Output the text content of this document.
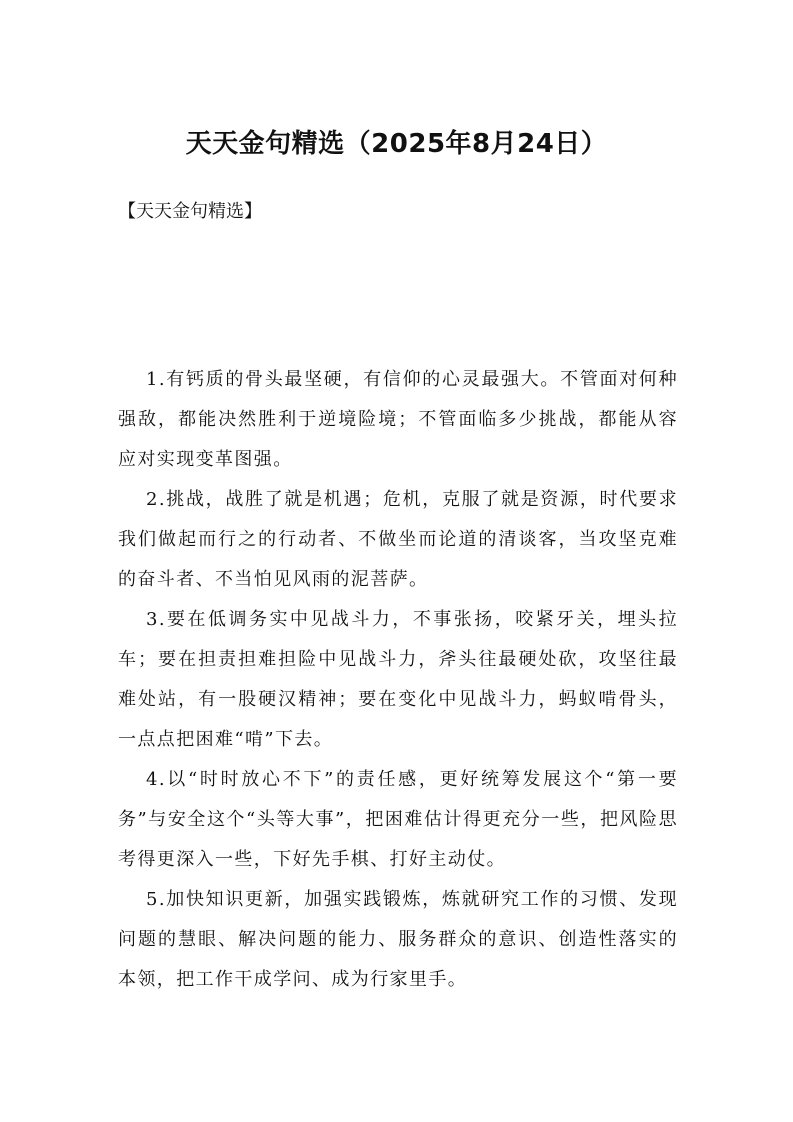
天天金句精选（2025年8月24日）

【天天金句精选】

1.有钙质的骨头最坚硬，有信仰的心灵最强大。不管面对何种强敌，都能决然胜利于逆境险境；不管面临多少挑战，都能从容应对实现变革图强。

2.挑战，战胜了就是机遇；危机，克服了就是资源，时代要求我们做起而行之的行动者、不做坐而论道的清谈客，当攻坚克难的奋斗者、不当怕见风雨的泥菩萨。

3.要在低调务实中见战斗力，不事张扬，咬紧牙关，埋头拉车；要在担责担难担险中见战斗力，斧头往最硬处砍，攻坚往最难处站，有一股硬汉精神；要在变化中见战斗力，蚂蚁啃骨头，一点点把困难“啃”下去。

4.以“时时放心不下”的责任感，更好统筹发展这个“第一要务”与安全这个“头等大事”，把困难估计得更充分一些，把风险思考得更深入一些，下好先手棋、打好主动仗。

5.加快知识更新，加强实践锻炼，炼就研究工作的习惯、发现问题的慧眼、解决问题的能力、服务群众的意识、创造性落实的本领，把工作干成学问、成为行家里手。
